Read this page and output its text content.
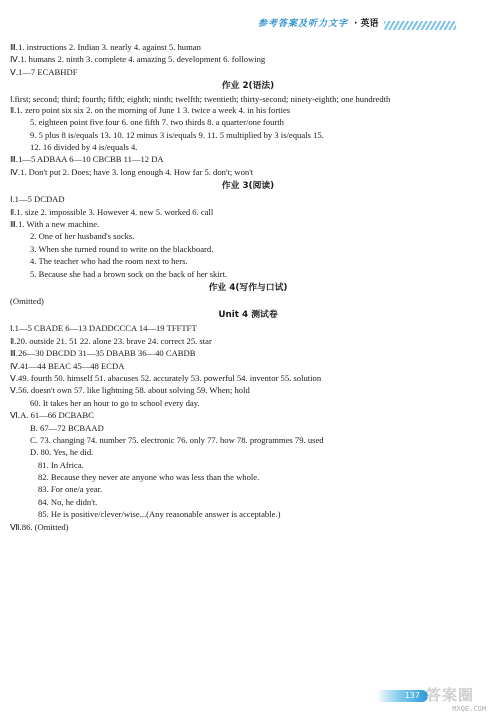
参考答案及听力文字 · 英语
Ⅲ.1. instructions 2. Indian 3. nearly 4. against 5. human
Ⅳ.1. humans 2. ninth 3. complete 4. amazing 5. development 6. following
Ⅴ.1—7 ECABHDF
作业 2(语法)
Ⅰ.first; second; third; fourth; fifth; eighth; ninth; twelfth; twentieth; thirty-second; ninety-eighth; one hundredth
Ⅱ.1. zero point six six 2. on the morning of June 1 3. twice a week 4. in his forties
5. eighteen point five four 6. one fifth 7. two thirds 8. a quarter/one fourth
9. 5 plus 8 is/equals 13. 10. 12 minus 3 is/equals 9. 11. 5 multiplied by 3 is/equals 15.
12. 16 divided by 4 is/equals 4.
Ⅲ.1—5 ADBAA 6—10 CBCBB 11—12 DA
Ⅳ.1. Don't put 2. Does; have 3. long enough 4. How far 5. don't; won't
作业 3(阅读)
Ⅰ.1—5 DCDAD
Ⅱ.1. size 2. impossible 3. However 4. new 5. worked 6. call
Ⅲ.1. With a new machine.
2. One of her husband's socks.
3. When she turned round to write on the blackboard.
4. The teacher who had the room next to hers.
5. Because she had a brown sock on the back of her skirt.
作业 4(写作与口试)
(Omitted)
Unit 4 测试卷
Ⅰ.1—5 CBADE 6—13 DADDCCCA 14—19 TFFTFT
Ⅱ.20. outside 21. 51 22. alone 23. brave 24. correct 25. star
Ⅲ.26—30 DBCDD 31—35 DBABB 36—40 CABDB
Ⅳ.41—44 BEAC 45—48 ECDA
Ⅴ.49. fourth 50. himself 51. abacuses 52. accurately 53. powerful 54. inventor 55. solution
Ⅴ.56. doesn't own 57. like lightning 58. about solving 59. When; hold
60. It takes her an hour to go to school every day.
Ⅵ.A. 61—66 DCBABC
B. 67—72 BCBAAD
C. 73. changing 74. number 75. electronic 76. only 77. how 78. programmes 79. used
D. 80. Yes, he did.
81. In Africa.
82. Because they never ate anyone who was less than the whole.
83. For one/a year.
84. No, he didn't.
85. He is positive/clever/wise...(Any reasonable answer is acceptable.)
Ⅶ.86. (Omitted)
137 答案圈
MXQE.COM
